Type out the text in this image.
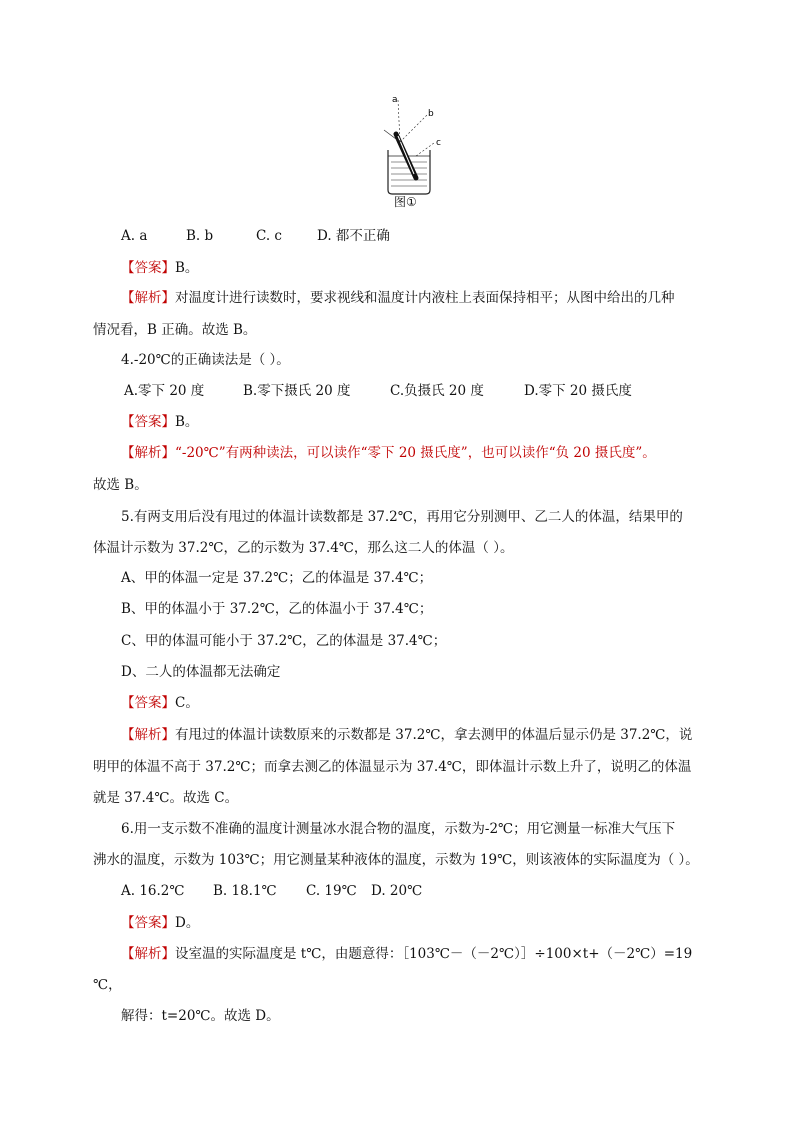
a
b
c
图①
A. a	B. b	C. c	D. 都不正确
【答案】B。
【解析】对温度计进行读数时，要求视线和温度计内液柱上表面保持相平；从图中给出的几种
情况看，B 正确。故选 B。
4.-20℃的正确读法是（ ）。
A.零下 20 度	B.零下摄氏 20 度	C.负摄氏 20 度	D.零下 20 摄氏度
【答案】B。
【解析】“-20℃”有两种读法，可以读作“零下 20 摄氏度”，也可以读作“负 20 摄氏度”。
故选 B。
5.有两支用后没有甩过的体温计读数都是 37.2℃，再用它分别测甲、乙二人的体温，结果甲的
体温计示数为 37.2℃，乙的示数为 37.4℃，那么这二人的体温（ ）。
A、甲的体温一定是 37.2℃；乙的体温是 37.4℃；
B、甲的体温小于 37.2℃，乙的体温小于 37.4℃；
C、甲的体温可能小于 37.2℃，乙的体温是 37.4℃；
D、二人的体温都无法确定
【答案】C。
【解析】有甩过的体温计读数原来的示数都是 37.2℃，拿去测甲的体温后显示仍是 37.2℃，说
明甲的体温不高于 37.2℃；而拿去测乙的体温显示为 37.4℃，即体温计示数上升了，说明乙的体温
就是 37.4℃。故选 C。
6.用一支示数不准确的温度计测量冰水混合物的温度，示数为-2℃；用它测量一标准大气压下
沸水的温度，示数为 103℃；用它测量某种液体的温度，示数为 19℃，则该液体的实际温度为（ ）。
A. 16.2℃ B. 18.1℃ C. 19℃ D. 20℃
【答案】D。
【解析】设室温的实际温度是 t℃，由题意得：［103℃－（－2℃）］÷100×t+（－2℃）=19
℃，
解得：t=20℃。故选 D。
